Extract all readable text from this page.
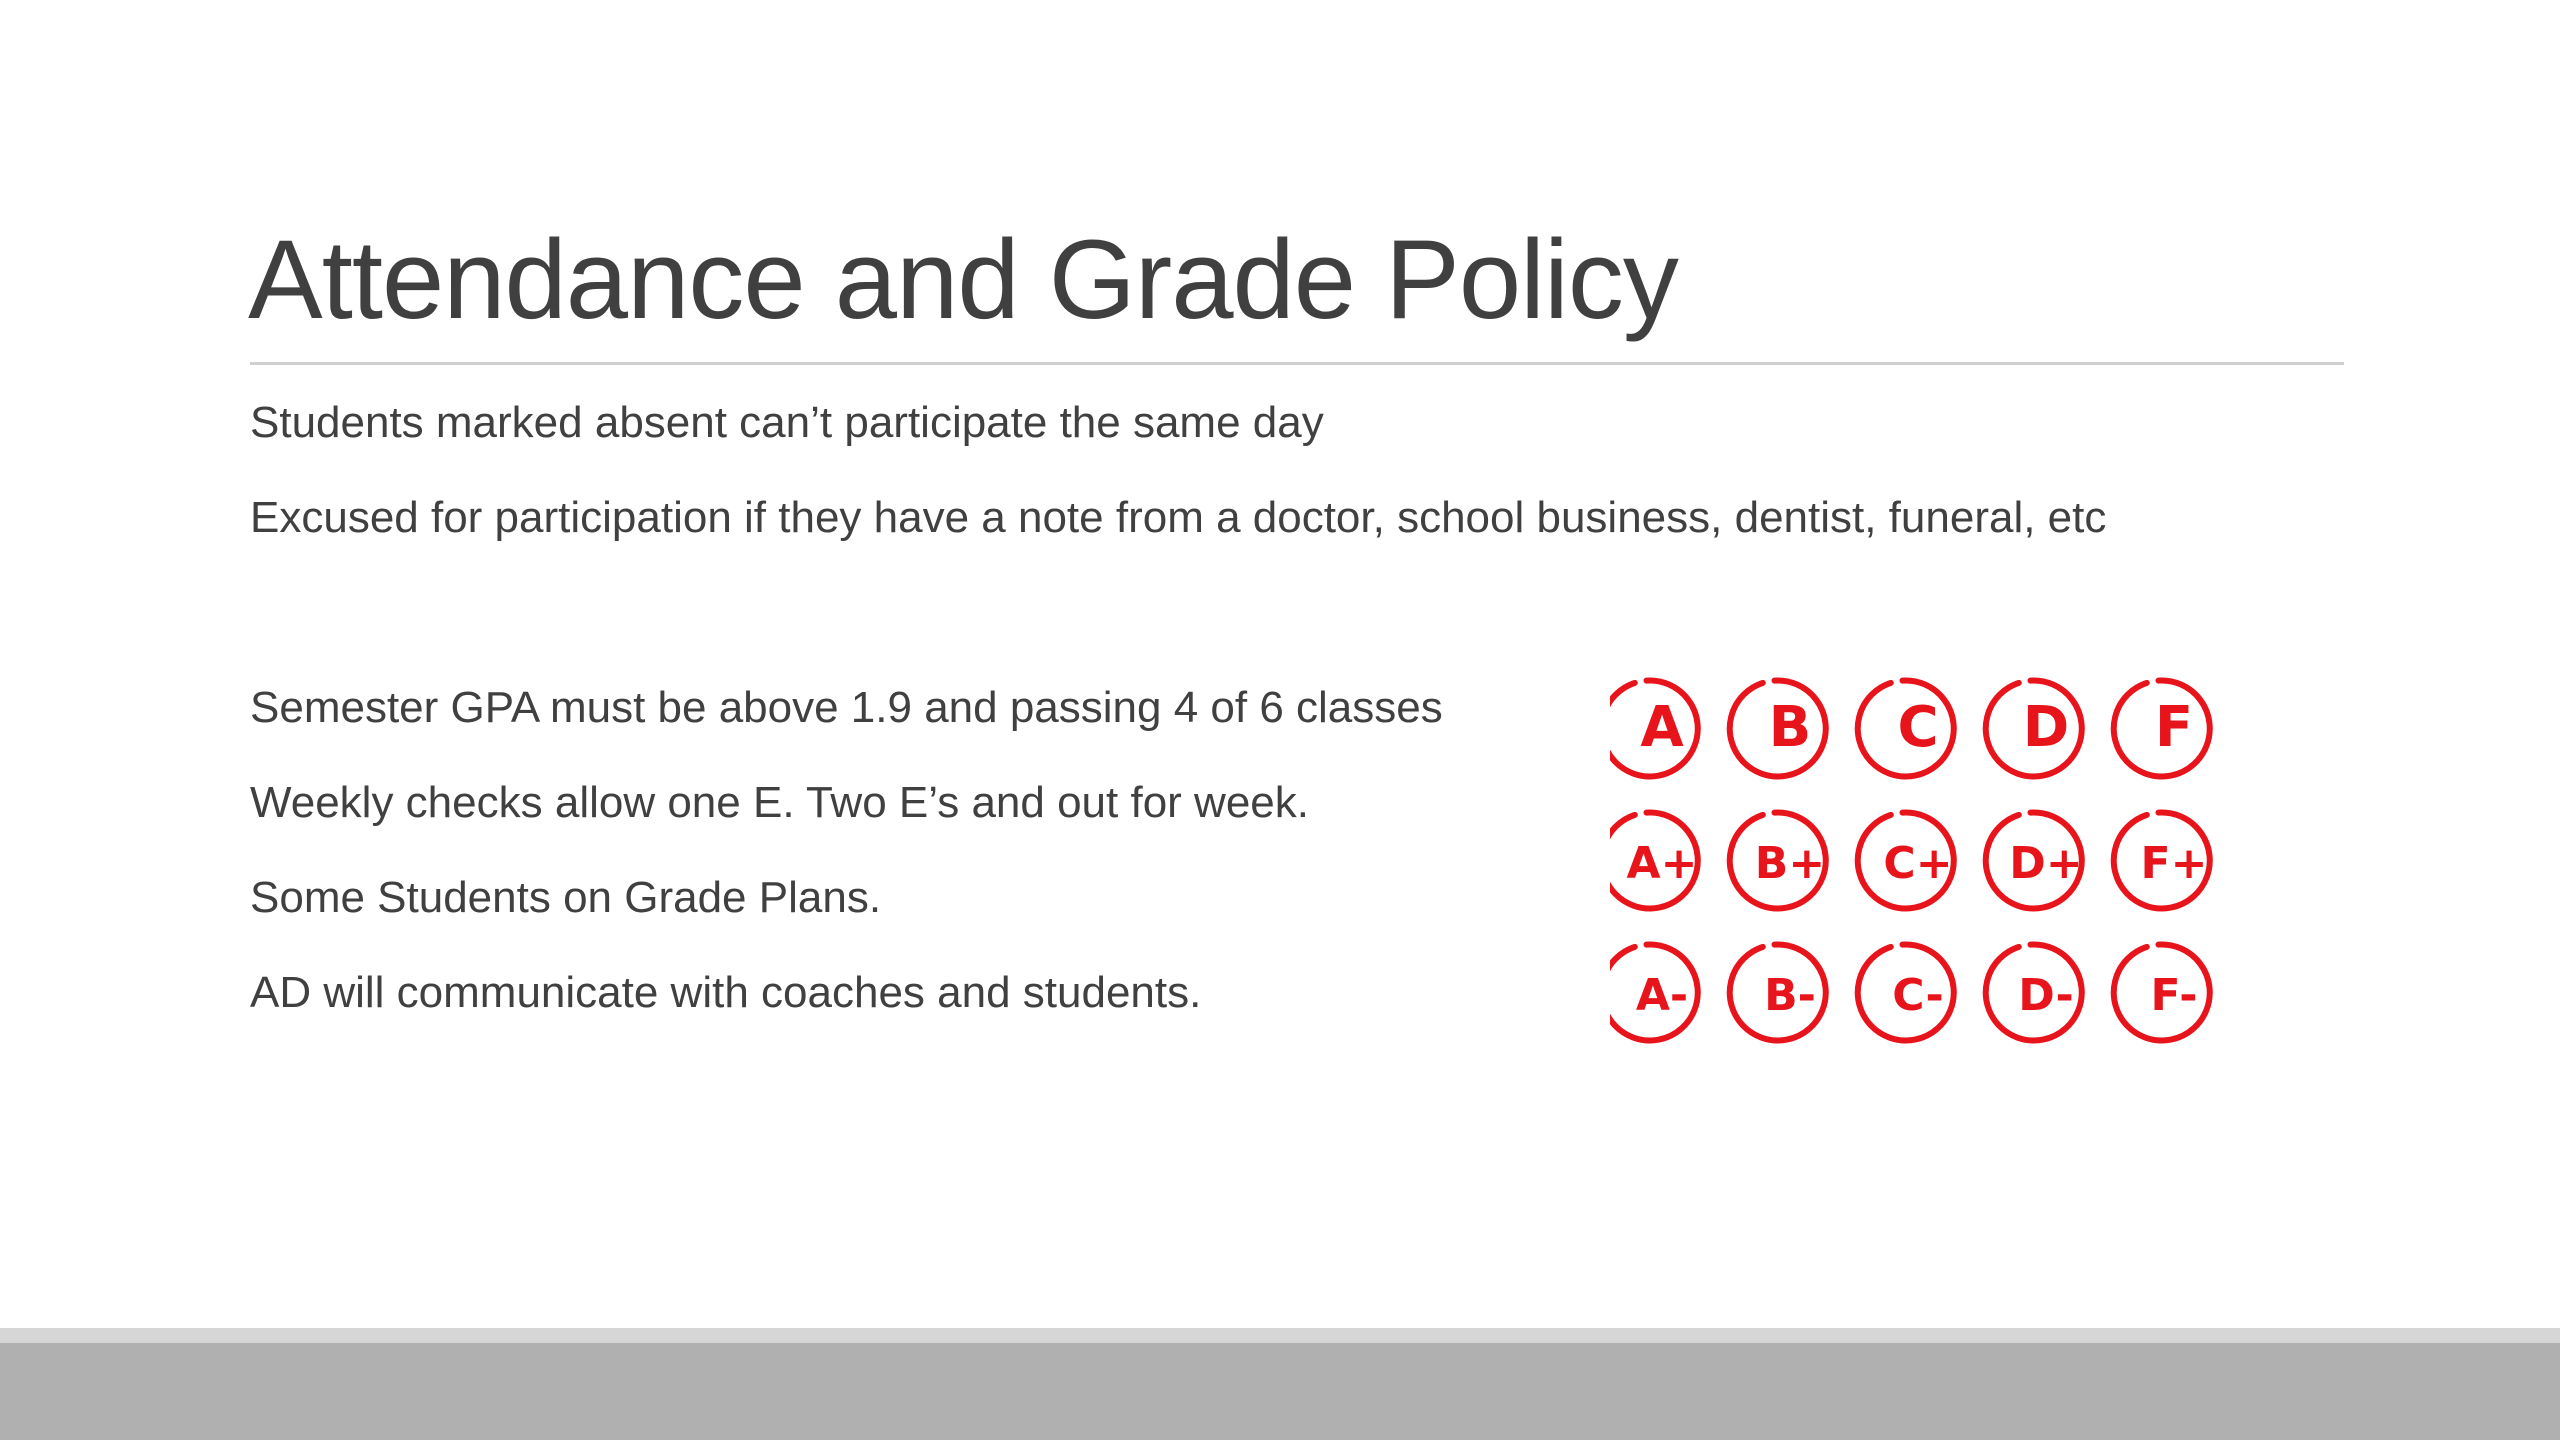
Attendance and Grade Policy
Students marked absent can’t participate the same day
Excused for participation if they have a note from a doctor, school business, dentist, funeral, etc
Semester GPA must be above 1.9 and passing 4 of 6 classes
Weekly checks allow one E. Two E’s and out for week.
Some Students on Grade Plans.
AD will communicate with coaches and students.
A B C D F
A+ B+ C+ D+ F+
A- B- C- D- F-
